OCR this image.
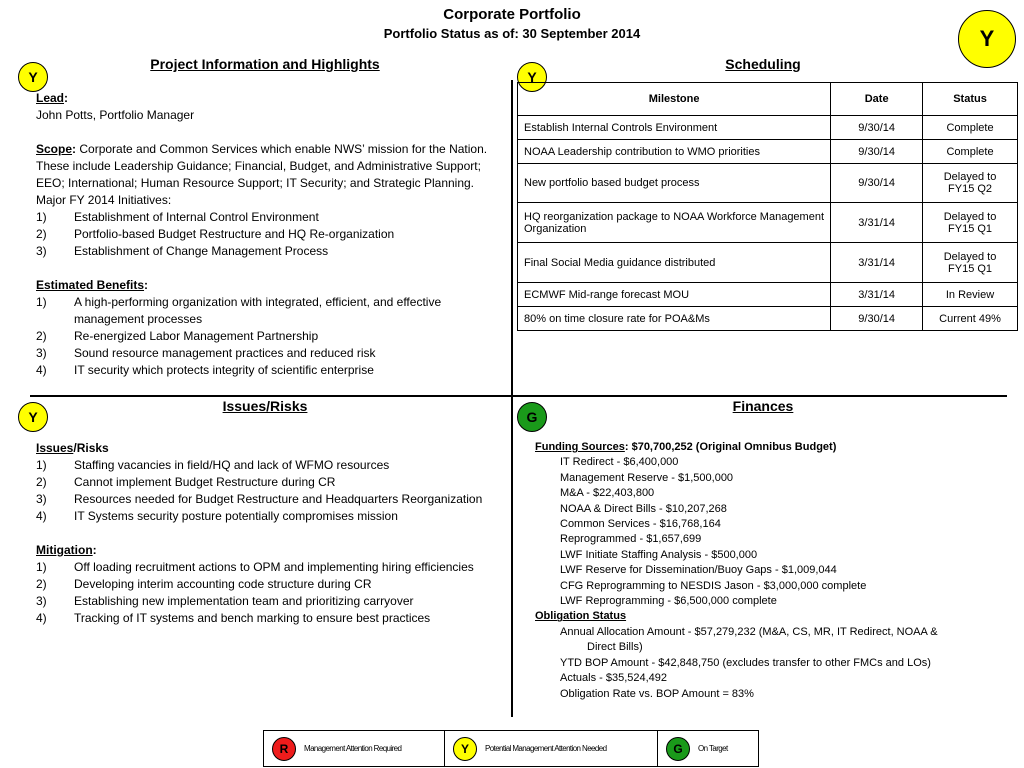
Corporate Portfolio
Portfolio Status as of: 30 September 2014	Y
Y
Project Information and Highlights

Lead:

John Potts, Portfolio Manager

Scope: Corporate and Common Services which enable NWS’ mission for the Nation. These include Leadership Guidance; Financial, Budget, and Administrative Support; EEO; International; Human Resource Support; IT Security; and Strategic Planning.

Major FY 2014 Initiatives:

1)	Establishment of Internal Control Environment
2)	Portfolio-based Budget Restructure and HQ Re-organization
3)	Establishment of Change Management Process

Estimated Benefits:

1)	A high-performing organization with integrated, efficient, and effective management processes
2)	Re-energized Labor Management Partnership
3)	Sound resource management practices and reduced risk
4)	IT security which protects integrity of scientific enterprise
Y
Scheduling
Milestone	Date	Status
Establish Internal Controls Environment	9/30/14	Complete
NOAA Leadership contribution to WMO priorities	9/30/14	Complete
New portfolio based budget process	9/30/14	Delayed to FY15 Q2
HQ reorganization package to NOAA Workforce Management Organization	3/31/14	Delayed to FY15 Q1
Final Social Media guidance distributed	3/31/14	Delayed to FY15 Q1
ECMWF Mid-range forecast MOU	3/31/14	In Review
80% on time closure rate for POA&Ms	9/30/14	Current 49%
Y
Issues/Risks

Issues/Risks

1)	Staffing vacancies in field/HQ and lack of WFMO resources
2)	Cannot implement Budget Restructure during CR
3)	Resources needed for Budget Restructure and Headquarters Reorganization
4)	IT Systems security posture potentially compromises mission

Mitigation:

1)	Off loading recruitment actions to OPM and implementing hiring efficiencies
2)	Developing interim accounting code structure during CR
3)	Establishing new implementation team and prioritizing carryover
4)	Tracking of IT systems and bench marking to ensure best practices
G
Finances
Funding Sources: $70,700,252 (Original Omnibus Budget)
IT Redirect - $6,400,000
Management Reserve - $1,500,000
M&A - $22,403,800
NOAA & Direct Bills - $10,207,268
Common Services - $16,768,164
Reprogrammed - $1,657,699
LWF Initiate Staffing Analysis - $500,000
LWF Reserve for Dissemination/Buoy Gaps - $1,009,044
CFG Reprogramming to NESDIS Jason - $3,000,000 complete
LWF Reprogramming - $6,500,000 complete
Obligation Status
Annual Allocation Amount - $57,279,232 (M&A, CS, MR, IT Redirect, NOAA &
Direct Bills)
YTD BOP Amount - $42,848,750 (excludes transfer to other FMCs and LOs)
Actuals - $35,524,492
Obligation Rate vs. BOP Amount = 83%
R	Management Attention Required	Y	Potential Management Attention Needed	G	On Target
